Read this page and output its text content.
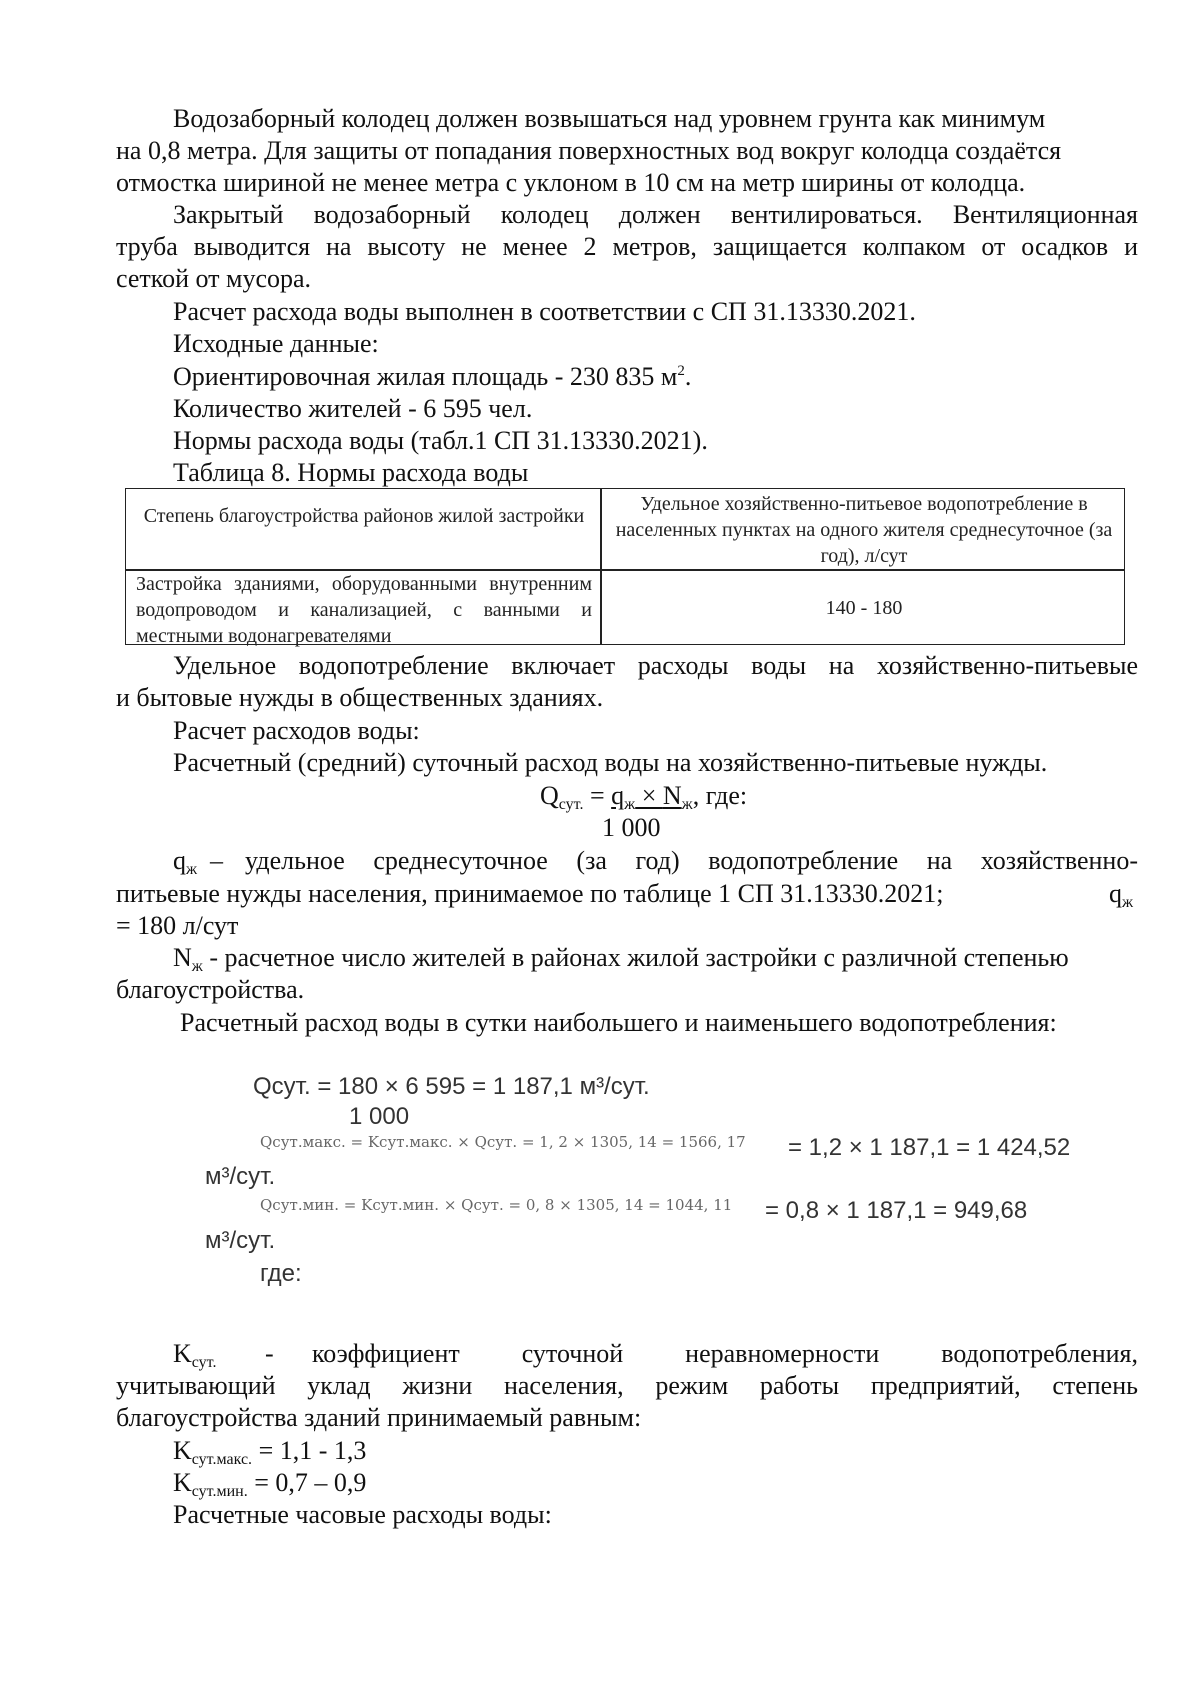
Водозаборный колодец должен возвышаться над уровнем грунта как минимум
на 0,8 метра. Для защиты от попадания поверхностных вод вокруг колодца создаётся
отмостка шириной не менее метра с уклоном в 10 см на метр ширины от колодца.
Закрытый водозаборный колодец должен вентилироваться. Вентиляционная
труба выводится на высоту не менее 2 метров, защищается колпаком от осадков и
сеткой от мусора.
Расчет расхода воды выполнен в соответствии с СП 31.13330.2021.
Исходные данные:
Ориентировочная жилая площадь - 230 835 $м^2$.
Количество жителей - 6 595 чел.
Нормы расхода воды (табл.1 СП 31.13330.2021).
Таблица 8. Нормы расхода воды
Степень благоустройства районов жилой застройки
Удельное хозяйственно-питьевое водопотребление в населенных пунктах на одного жителя среднесуточное (за год), л/сут
Застройка зданиями, оборудованными внутренним водопроводом и канализацией, с ванными и местными водонагревателями
140 - 180
Удельное водопотребление включает расходы воды на хозяйственно-питьевые
и бытовые нужды в общественных зданиях.
Расчет расходов воды:
Расчетный (средний) суточный расход воды на хозяйственно-питьевые нужды.
$Q_{сут.} = q_ж \times N_ж$, где:
1 000
$q_ж$ – удельное среднесуточное (за год) водопотребление на хозяйственно-
питьевые нужды населения, принимаемое по таблице 1 СП 31.13330.2021;	$q_ж$
= 180 л/сут
$N_ж$ - расчетное число жителей в районах жилой застройки с различной степенью
благоустройства.
Расчетный расход воды в сутки наибольшего и наименьшего водопотребления:
Qсут. = 180 × 6 595 = 1 187,1 м³/сут.
1 000
Qсут.макс. = Kсут.макс. × Qсут. = 1, 2 × 1305, 14 = 1566, 17 = 1,2 × 1 187,1 = 1 424,52
м³/сут.
Qсут.мин. = Kсут.мин. × Qсут. = 0, 8 × 1305, 14 = 1044, 11 = 0,8 × 1 187,1 = 949,68
м³/сут.
где:
$K_{сут.}$ - коэффициент суточной неравномерности водопотребления,
учитывающий уклад жизни населения, режим работы предприятий, степень
благоустройства зданий принимаемый равным:
$K_{сут.макс.} = 1,1 - 1,3$
$K_{сут.мин.} = 0,7 - 0,9$
Расчетные часовые расходы воды:
